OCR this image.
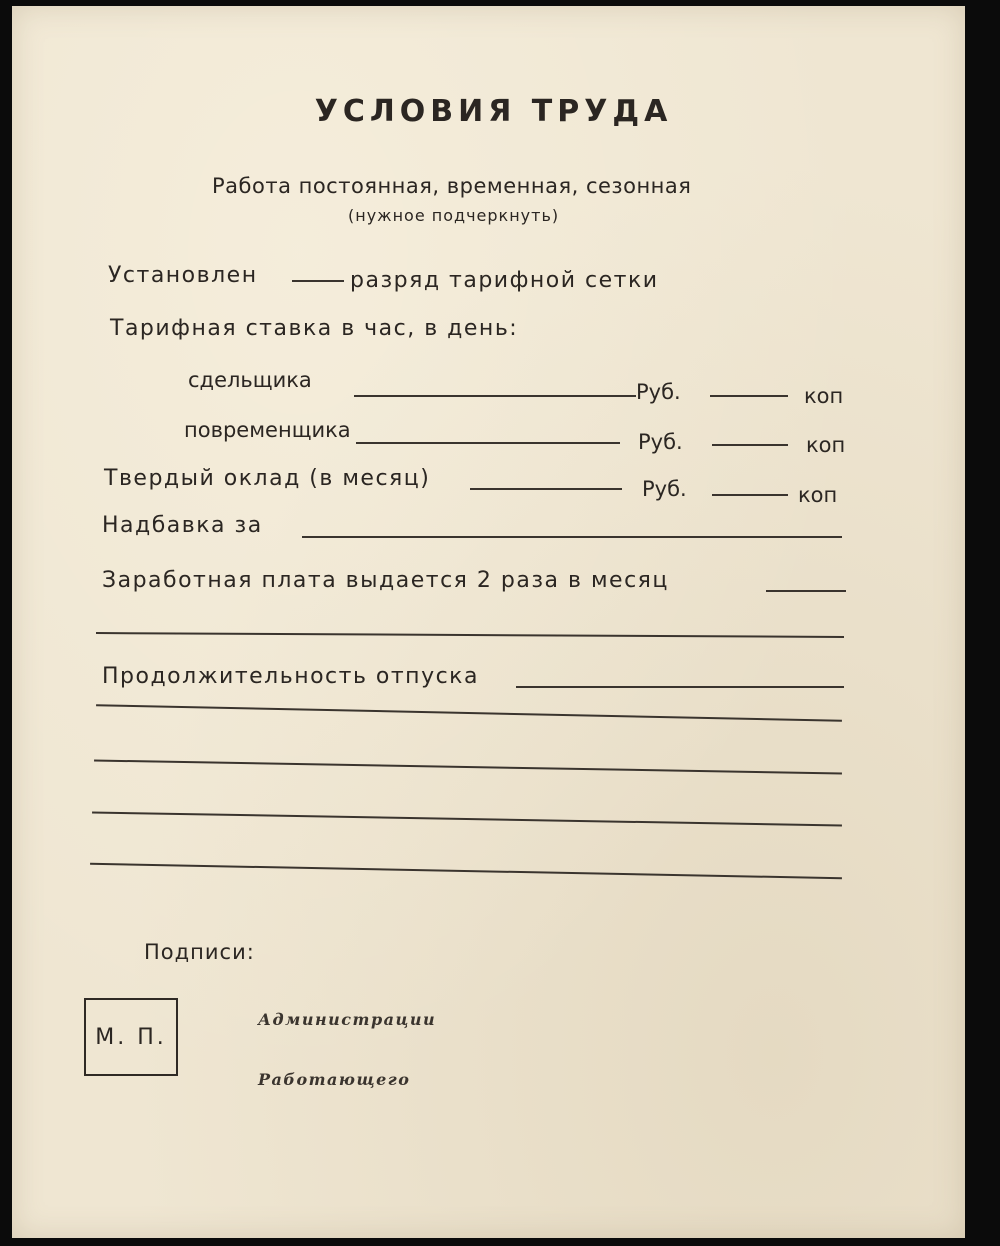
УСЛОВИЯ ТРУДА
Работа постоянная, временная, сезонная
(нужное подчеркнуть)
Установлен	разряд тарифной сетки
Тарифная ставка в час, в день:
сдельщика	Руб.	коп
повременщика	Руб.	коп
Твердый оклад (в месяц)	Руб.	коп
Надбавка за
Заработная плата выдается 2 раза в месяц
Продолжительность отпуска
Подписи:
М. П.
Администрации
Работающего
